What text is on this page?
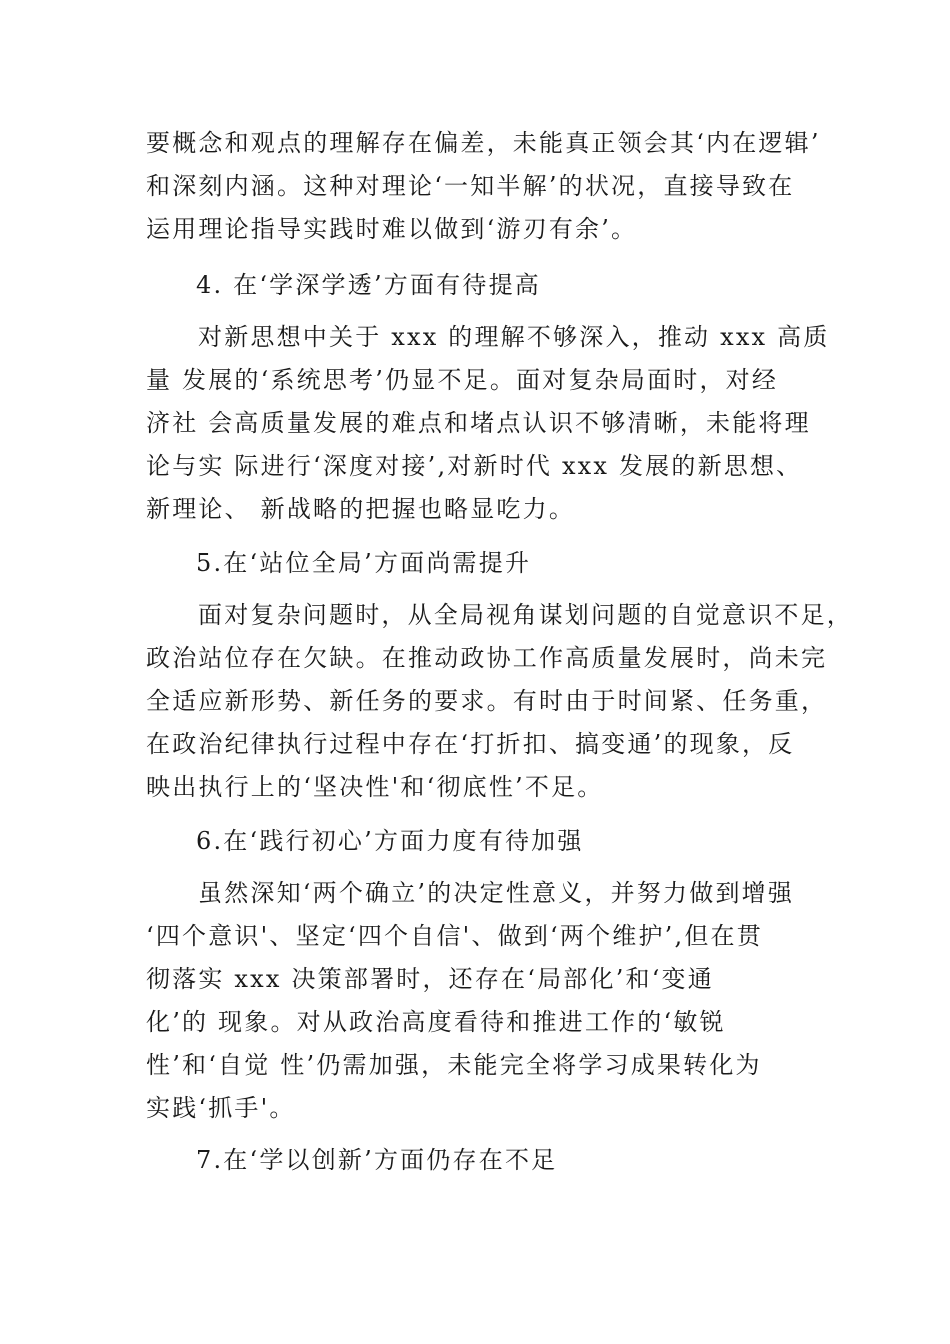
要概念和观点的理解存在偏差，未能真正领会其‘内在逻辑’
和深刻内涵。这种对理论‘一知半解’的状况，直接导致在
运用理论指导实践时难以做到‘游刃有余’。
4. 在‘学深学透’方面有待提高
对新思想中关于 xxx 的理解不够深入，推动 xxx 高质
量 发展的‘系统思考’仍显不足。面对复杂局面时，对经
济社 会高质量发展的难点和堵点认识不够清晰，未能将理
论与实 际进行‘深度对接’,对新时代 xxx 发展的新思想、
新理论、 新战略的把握也略显吃力。
5.在‘站位全局’方面尚需提升
面对复杂问题时，从全局视角谋划问题的自觉意识不足，
政治站位存在欠缺。在推动政协工作高质量发展时，尚未完
全适应新形势、新任务的要求。有时由于时间紧、任务重，
在政治纪律执行过程中存在‘打折扣、搞变通’的现象，反
映出执行上的‘坚决性'和‘彻底性’不足。
6.在‘践行初心’方面力度有待加强
虽然深知‘两个确立’的决定性意义，并努力做到增强
‘四个意识'、坚定‘四个自信'、做到‘两个维护’,但在贯
彻落实 xxx 决策部署时，还存在‘局部化’和‘变通
化’的 现象。对从政治高度看待和推进工作的‘敏锐
性’和‘自觉 性’仍需加强，未能完全将学习成果转化为
实践‘抓手'。
7.在‘学以创新’方面仍存在不足
